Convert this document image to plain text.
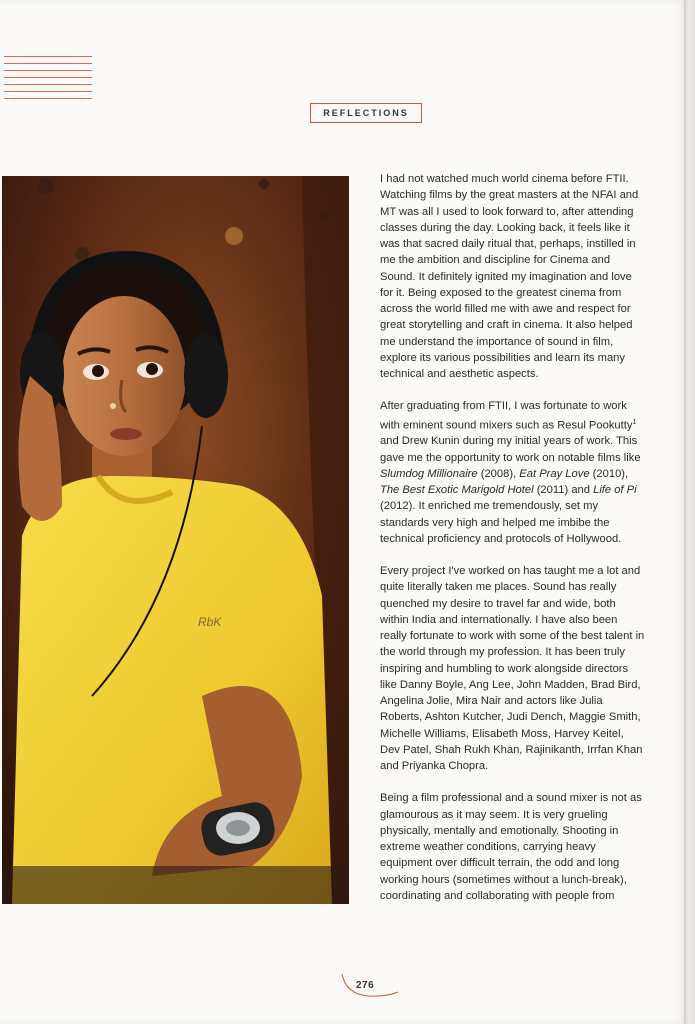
REFLECTIONS
RbK

I had not watched much world cinema before FTII. Watching films by the great masters at the NFAI and MT was all I used to look forward to, after attending classes during the day. Looking back, it feels like it was that sacred daily ritual that, perhaps, instilled in me the ambition and discipline for Cinema and Sound. It definitely ignited my imagination and love for it. Being exposed to the greatest cinema from across the world filled me with awe and respect for great storytelling and craft in cinema. It also helped me understand the importance of sound in film, explore its various possibilities and learn its many technical and aesthetic aspects.

After graduating from FTII, I was fortunate to work with eminent sound mixers such as Resul Pookutty$^1$ and Drew Kunin during my initial years of work. This gave me the opportunity to work on notable films like Slumdog Millionaire (2008), Eat Pray Love (2010), The Best Exotic Marigold Hotel (2011) and Life of Pi (2012). It enriched me tremendously, set my standards very high and helped me imbibe the technical proficiency and protocols of Hollywood.

Every project I've worked on has taught me a lot and quite literally taken me places. Sound has really quenched my desire to travel far and wide, both within India and internationally. I have also been really fortunate to work with some of the best talent in the world through my profession. It has been truly inspiring and humbling to work alongside directors like Danny Boyle, Ang Lee, John Madden, Brad Bird, Angelina Jolie, Mira Nair and actors like Julia Roberts, Ashton Kutcher, Judi Dench, Maggie Smith, Michelle Williams, Elisabeth Moss, Harvey Keitel, Dev Patel, Shah Rukh Khan, Rajinikanth, Irrfan Khan and Priyanka Chopra.

Being a film professional and a sound mixer is not as glamourous as it may seem. It is very grueling physically, mentally and emotionally. Shooting in extreme weather conditions, carrying heavy equipment over difficult terrain, the odd and long working hours (sometimes without a lunch-break), coordinating and collaborating with people from

276
